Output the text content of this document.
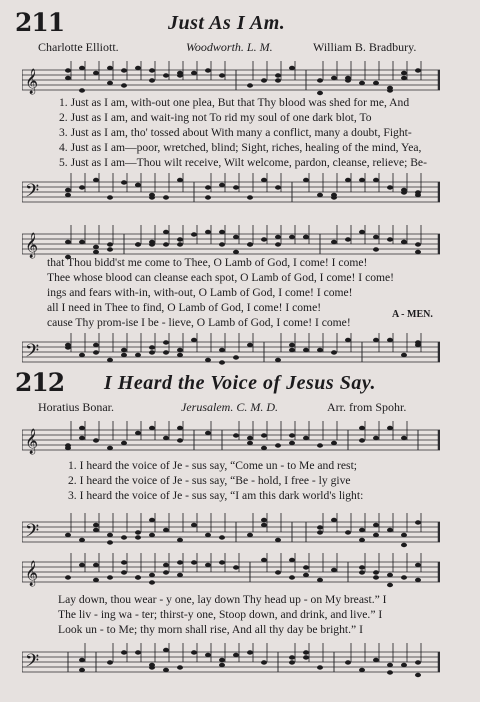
211	Just As I Am.
Charlotte Elliott.	Woodworth. L. M.	William B. Bradbury.
𝄞
1. Just as I am, with-out one plea, But that Thy blood was shed for me, And
2. Just as I am, and wait-ing not To rid my soul of one dark blot, To
3. Just as I am, tho' tossed about With many a conflict, many a doubt, Fight-
4. Just as I am—poor, wretched, blind; Sight, riches, healing of the mind, Yea,
5. Just as I am—Thou wilt receive, Wilt welcome, pardon, cleanse, relieve; Be-
𝄢
𝄞
that Thou bidd'st me come to Thee, O Lamb of God, I come! I come!
Thee whose blood can cleanse each spot, O Lamb of God, I come! I come!
ings and fears with-in, with-out, O Lamb of God, I come! I come!
all I need in Thee to find, O Lamb of God, I come! I come!
cause Thy prom-ise I be - lieve, O Lamb of God, I come! I come!
A - MEN.
𝄢
212 I Heard the Voice of Jesus Say.
Horatius Bonar.	Jerusalem. C. M. D.	Arr. from Spohr.
𝄞
1. I heard the voice of Je - sus say, “Come un - to Me and rest;
2. I heard the voice of Je - sus say, “Be - hold, I free - ly give
3. I heard the voice of Je - sus say, “I am this dark world's light:
𝄢
𝄞
Lay down, thou wear - y one, lay down Thy head up - on My breast.” I
The liv - ing wa - ter; thirst-y one, Stoop down, and drink, and live.” I
Look un - to Me; thy morn shall rise, And all thy day be bright.” I
𝄢
